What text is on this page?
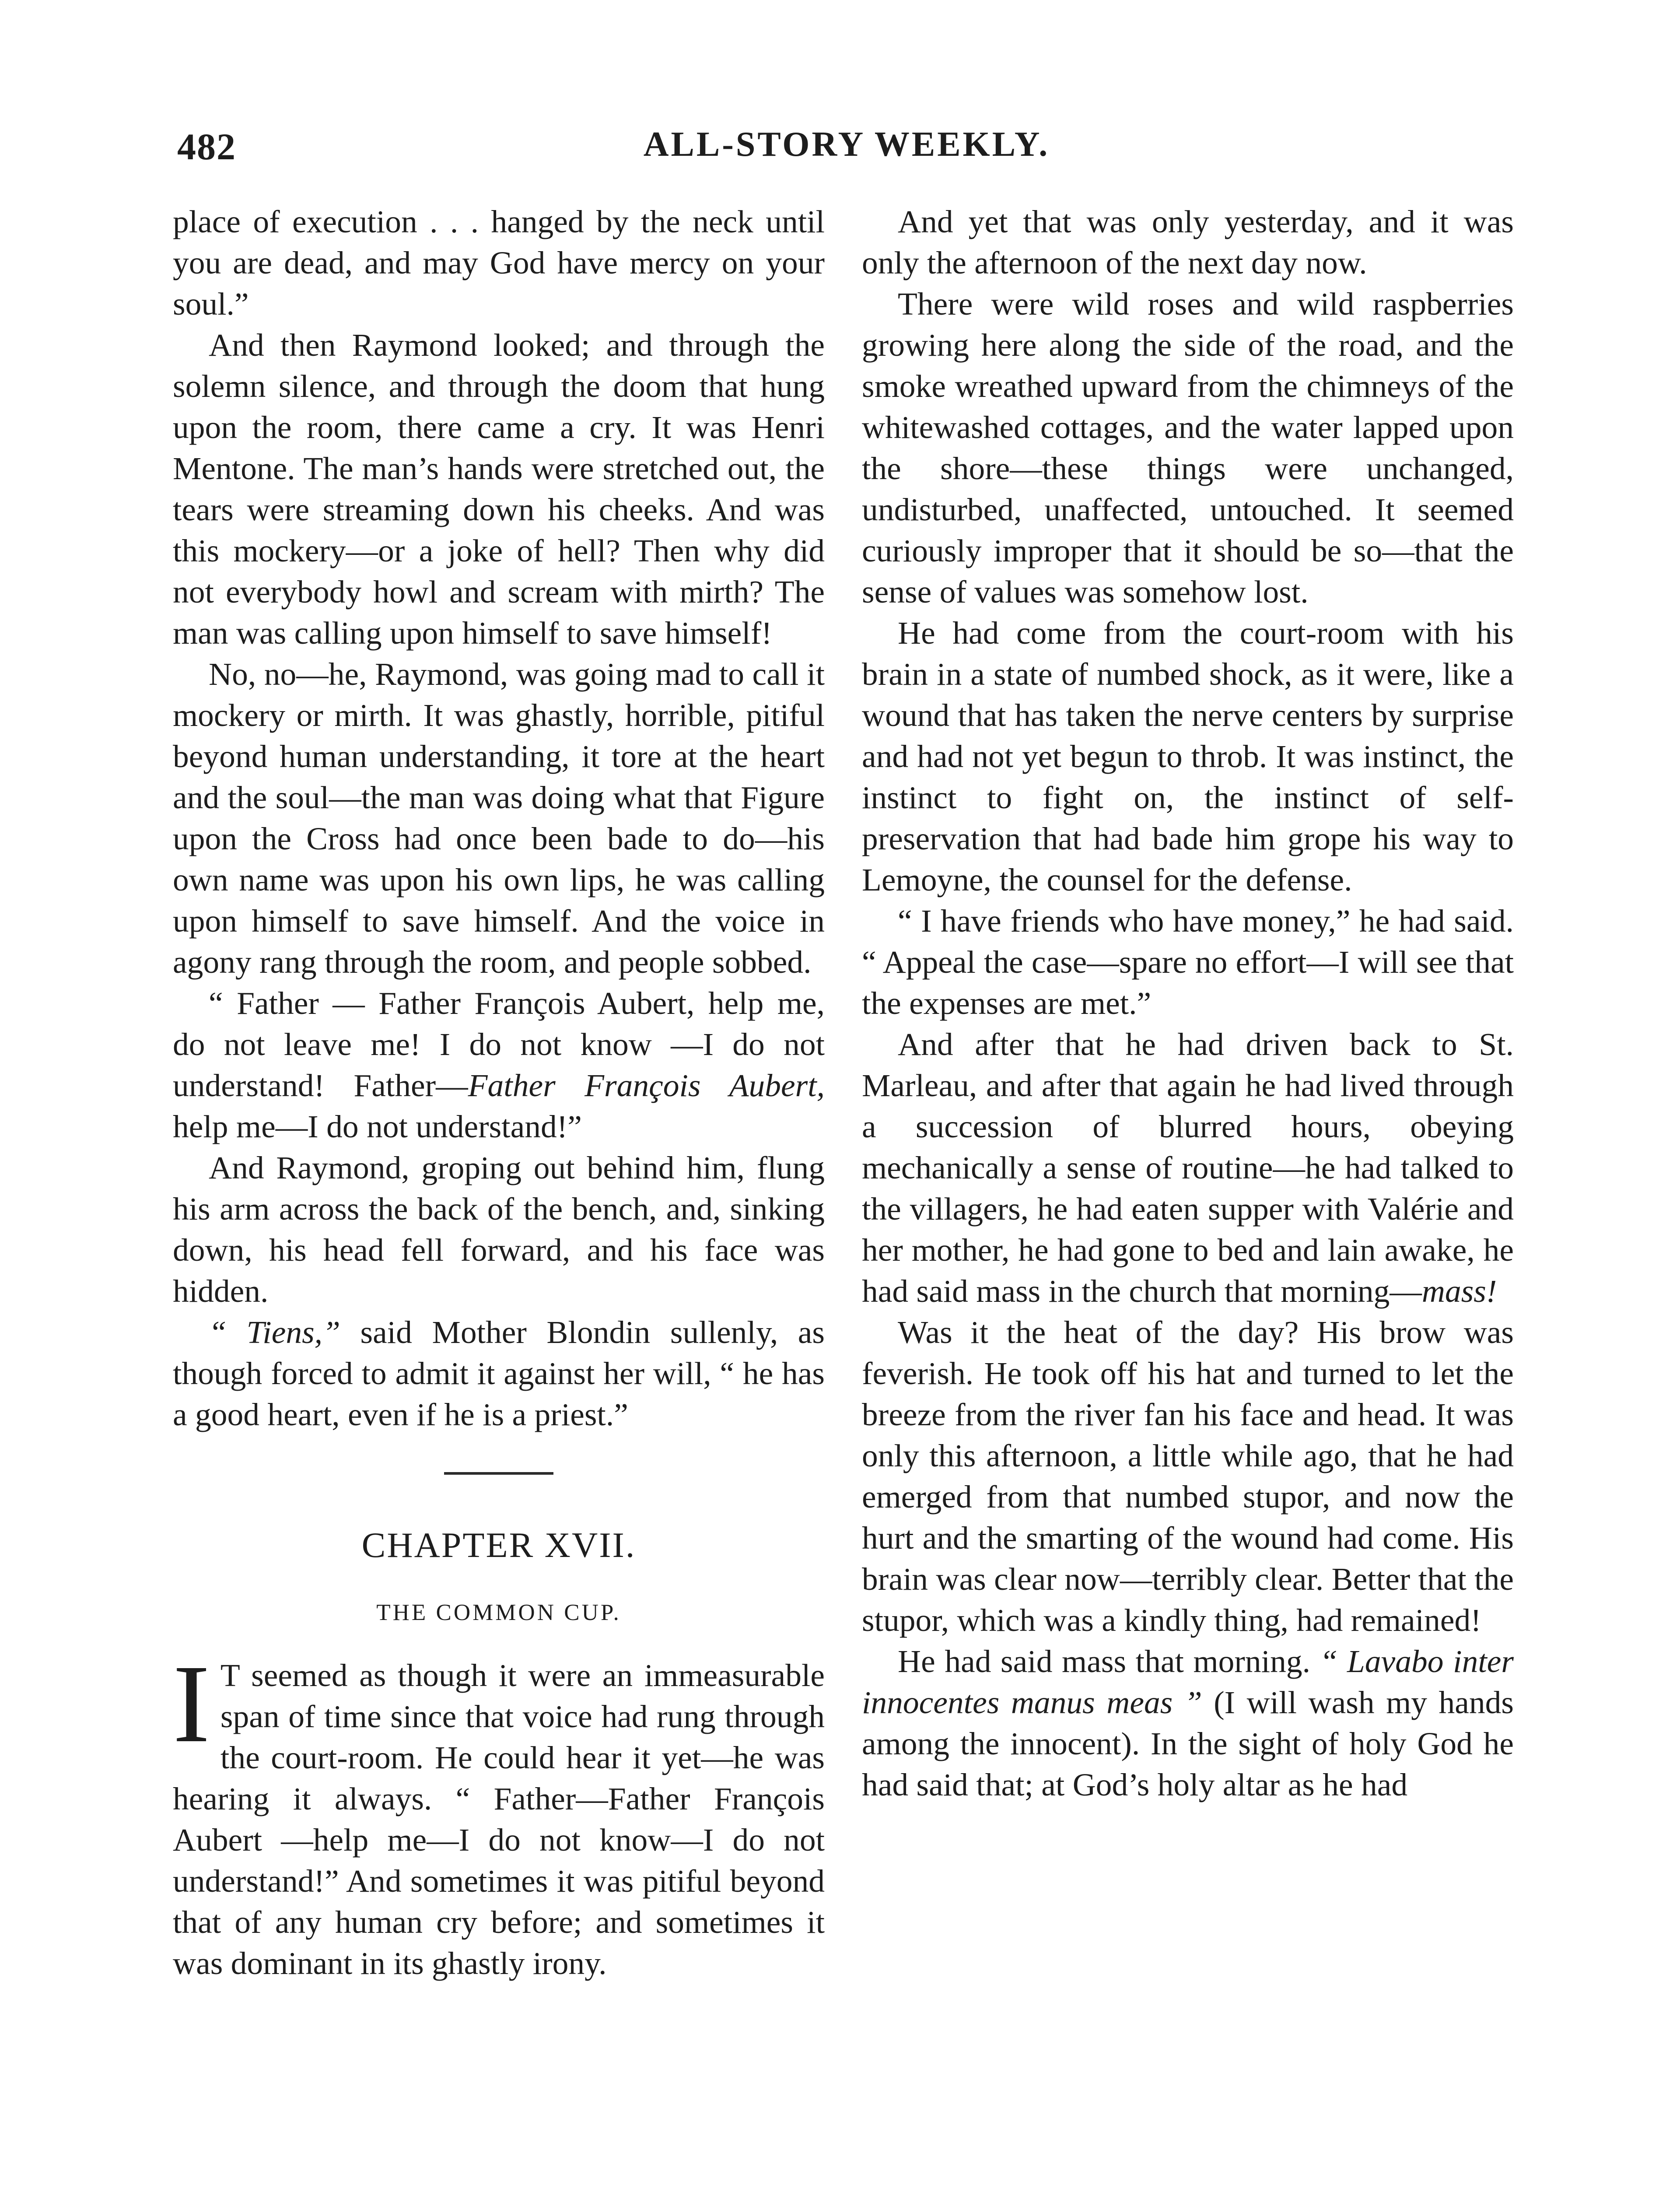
482	ALL-STORY WEEKLY.

place of execution . . . hanged by the neck until you are dead, and may God have mercy on your soul.”

And then Raymond looked; and through the solemn silence, and through the doom that hung upon the room, there came a cry. It was Henri Mentone. The man’s hands were stretched out, the tears were streaming down his cheeks. And was this mockery—or a joke of hell? Then why did not everybody howl and scream with mirth? The man was calling upon himself to save himself!

No, no—he, Raymond, was going mad to call it mockery or mirth. It was ghastly, horrible, pitiful beyond human understanding, it tore at the heart and the soul—the man was doing what that Figure upon the Cross had once been bade to do—his own name was upon his own lips, he was calling upon himself to save himself. And the voice in agony rang through the room, and people sobbed.

“ Father — Father François Aubert, help me, do not leave me! I do not know —I do not understand! Father—Father François Aubert, help me—I do not understand!”

And Raymond, groping out behind him, flung his arm across the back of the bench, and, sinking down, his head fell forward, and his face was hidden.

“ Tiens,” said Mother Blondin sullenly, as though forced to admit it against her will, “ he has a good heart, even if he is a priest.”

CHAPTER XVII.
THE COMMON CUP.

I T seemed as though it were an immeasurable span of time since that voice had rung through the court-room. He could hear it yet—he was hearing it always. “ Father—Father François Aubert —help me—I do not know—I do not understand!” And sometimes it was pitiful beyond that of any human cry before; and sometimes it was dominant in its ghastly irony.

And yet that was only yesterday, and it was only the afternoon of the next day now.

There were wild roses and wild raspberries growing here along the side of the road, and the smoke wreathed upward from the chimneys of the whitewashed cottages, and the water lapped upon the shore—these things were unchanged, undisturbed, unaffected, untouched. It seemed curiously improper that it should be so—that the sense of values was somehow lost.

He had come from the court-room with his brain in a state of numbed shock, as it were, like a wound that has taken the nerve centers by surprise and had not yet begun to throb. It was instinct, the instinct to fight on, the instinct of self-preservation that had bade him grope his way to Lemoyne, the counsel for the defense.

“ I have friends who have money,” he had said. “ Appeal the case—spare no effort—I will see that the expenses are met.”

And after that he had driven back to St. Marleau, and after that again he had lived through a succession of blurred hours, obeying mechanically a sense of routine—he had talked to the villagers, he had eaten supper with Valérie and her mother, he had gone to bed and lain awake, he had said mass in the church that morning—mass!

Was it the heat of the day? His brow was feverish. He took off his hat and turned to let the breeze from the river fan his face and head. It was only this afternoon, a little while ago, that he had emerged from that numbed stupor, and now the hurt and the smarting of the wound had come. His brain was clear now—terribly clear. Better that the stupor, which was a kindly thing, had remained!

He had said mass that morning. “ Lavabo inter innocentes manus meas ” (I will wash my hands among the innocent). In the sight of holy God he had said that; at God’s holy altar as he had
